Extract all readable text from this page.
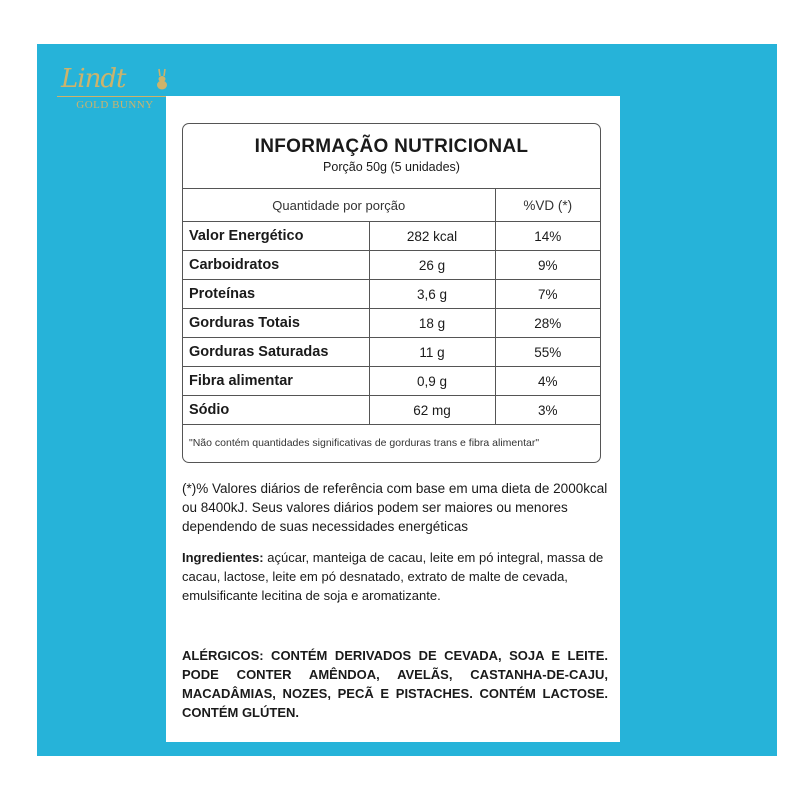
Lindt
GOLD BUNNY
INFORMAÇÃO NUTRICIONAL
Porção 50g (5 unidades)
Quantidade por porção		%VD (*)
Valor Energético	282 kcal	14%
Carboidratos	26 g	9%
Proteínas	3,6 g	7%
Gorduras Totais	18 g	28%
Gorduras Saturadas	11 g	55%
Fibra alimentar	0,9 g	4%
Sódio	62 mg	3%
"Não contém quantidades significativas de gorduras trans e fibra alimentar"		
(*)% Valores diários de referência com base em uma dieta de 2000kcal ou 8400kJ. Seus valores diários podem ser maiores ou menores dependendo de suas necessidades energéticas
Ingredientes: açúcar, manteiga de cacau, leite em pó integral, massa de cacau, lactose, leite em pó desnatado, extrato de malte de cevada, emulsificante lecitina de soja e aromatizante.
ALÉRGICOS: CONTÉM DERIVADOS DE CEVADA, SOJA E LEITE. PODE CONTER AMÊNDOA, AVELÃS, CASTANHA-DE-CAJU, MACADÂMIAS, NOZES, PECÃ E PISTACHES. CONTÉM LACTOSE. CONTÉM GLÚTEN.
